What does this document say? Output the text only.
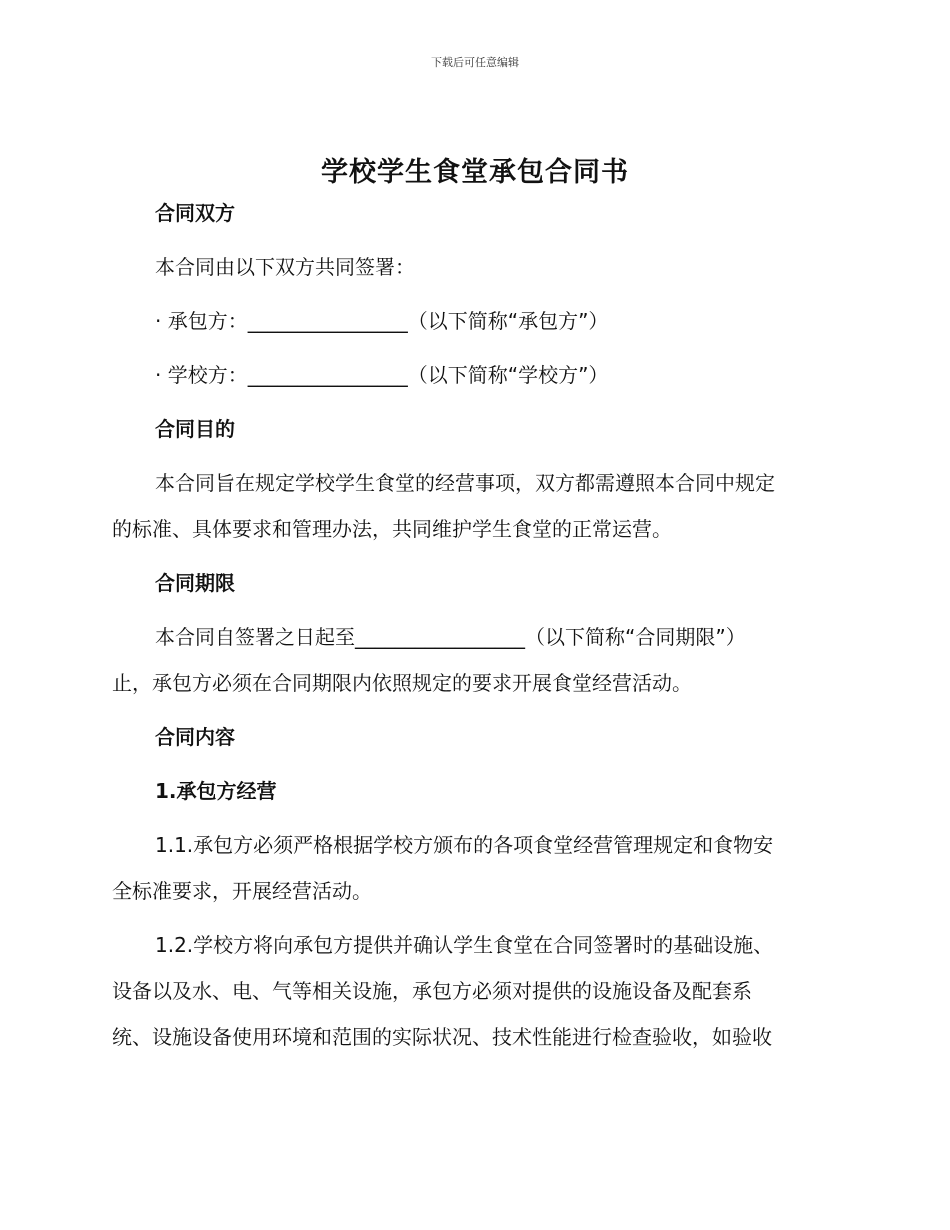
下载后可任意编辑
学校学生食堂承包合同书

合同双方

本合同由以下双方共同签署：

· 承包方：________________（以下简称“承包方”）

· 学校方：________________（以下简称“学校方”）

合同目的

本合同旨在规定学校学生食堂的经营事项，双方都需遵照本合同中规定

的标准、具体要求和管理办法，共同维护学生食堂的正常运营。

合同期限

本合同自签署之日起至_________________（以下简称“合同期限”）

止，承包方必须在合同期限内依照规定的要求开展食堂经营活动。

合同内容

1.承包方经营

1.1.承包方必须严格根据学校方颁布的各项食堂经营管理规定和食物安

全标准要求，开展经营活动。

1.2.学校方将向承包方提供并确认学生食堂在合同签署时的基础设施、

设备以及水、电、气等相关设施，承包方必须对提供的设施设备及配套系

统、设施设备使用环境和范围的实际状况、技术性能进行检查验收，如验收
